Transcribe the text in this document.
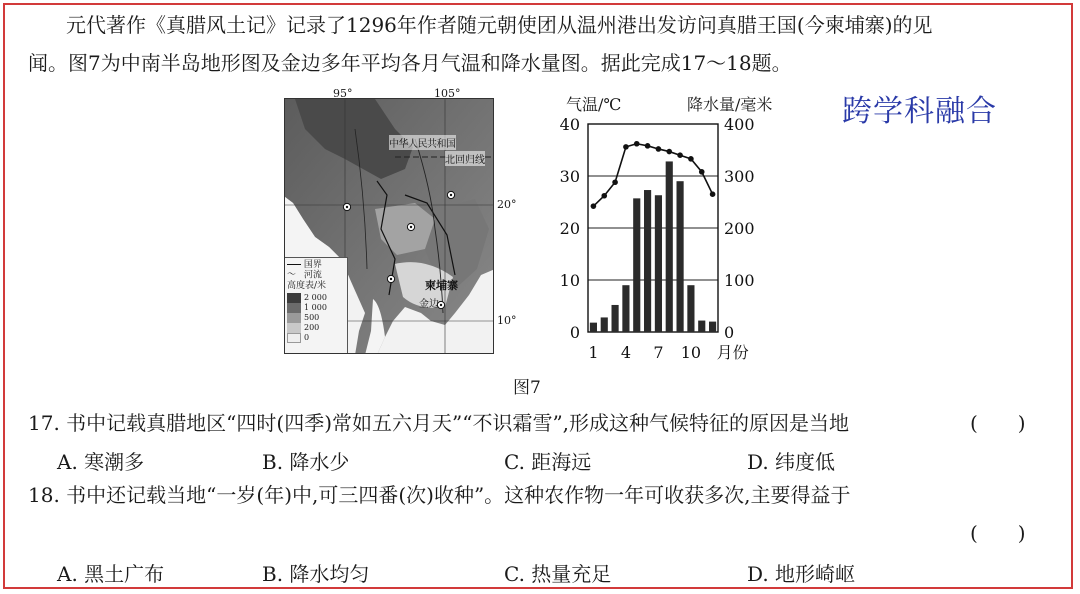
元代著作《真腊风土记》记录了1296年作者随元朝使团从温州港出发访问真腊王国(今柬埔寨)的见
闻。图7为中南半岛地形图及金边多年平均各月气温和降水量图。据此完成17～18题。
跨学科融合
中华人民共和国
北回归线
柬埔寨
金边
国界
〜 河流
高度表/米
2 000
1 000
500
200
0
95°	105°
20°
10°
气温/℃	降水量/毫米
0
10
20
30
40
0
100
200
300
400
1 4 7 10 月份
图7
17. 书中记载真腊地区“四时(四季)常如五六月天”“不识霜雪”,形成这种气候特征的原因是当地	(　　)
A. 寒潮多	B. 降水少	C. 距海远	D. 纬度低
18. 书中还记载当地“一岁(年)中,可三四番(次)收种”。这种农作物一年可收获多次,主要得益于
(　　)
A. 黑土广布	B. 降水均匀	C. 热量充足	D. 地形崎岖
